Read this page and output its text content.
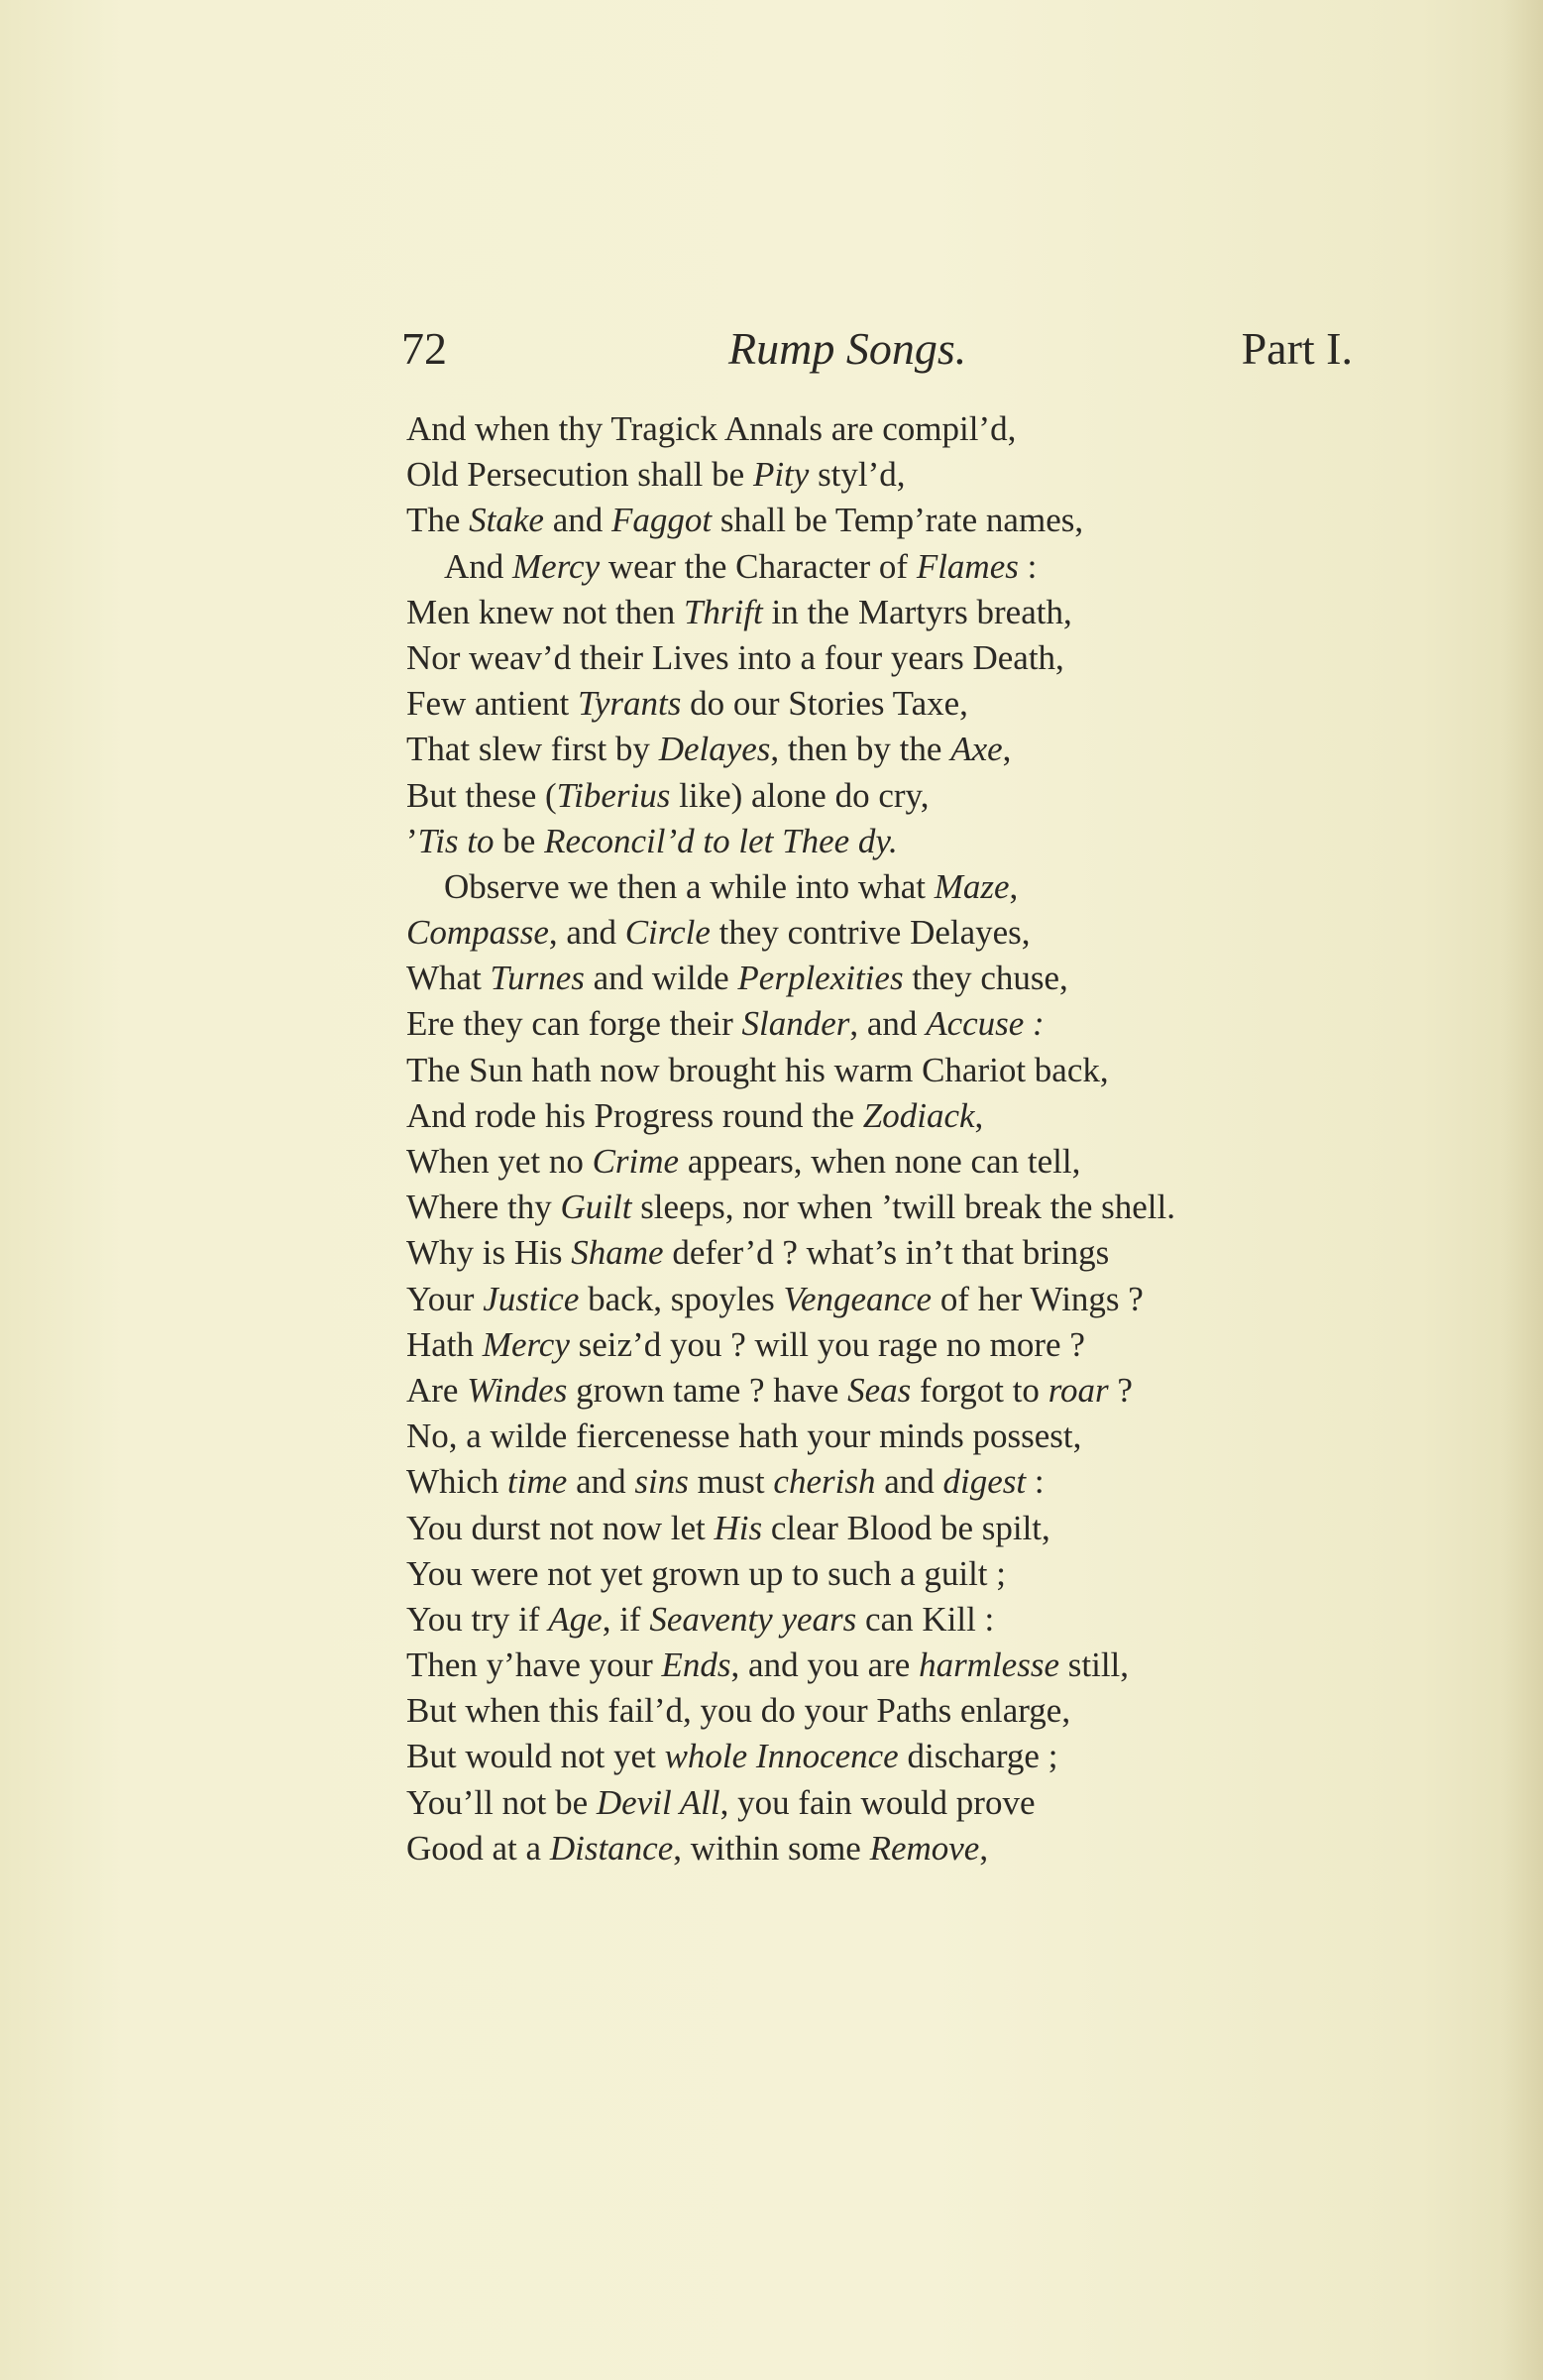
72	Rump Songs.	Part I.
And when thy Tragick Annals are compil’d,
Old Persecution shall be Pity styl’d,
The Stake and Faggot shall be Temp’rate names,
And Mercy wear the Character of Flames :
Men knew not then Thrift in the Martyrs breath,
Nor weav’d their Lives into a four years Death,
Few antient Tyrants do our Stories Taxe,
That slew first by Delayes, then by the Axe,
But these (Tiberius like) alone do cry,
’Tis to be Reconcil’d to let Thee dy.
Observe we then a while into what Maze,
Compasse, and Circle they contrive Delayes,
What Turnes and wilde Perplexities they chuse,
Ere they can forge their Slander, and Accuse :
The Sun hath now brought his warm Chariot back,
And rode his Progress round the Zodiack,
When yet no Crime appears, when none can tell,
Where thy Guilt sleeps, nor when ’twill break the shell.
Why is His Shame defer’d ? what’s in’t that brings
Your Justice back, spoyles Vengeance of her Wings ?
Hath Mercy seiz’d you ? will you rage no more ?
Are Windes grown tame ? have Seas forgot to roar ?
No, a wilde fiercenesse hath your minds possest,
Which time and sins must cherish and digest :
You durst not now let His clear Blood be spilt,
You were not yet grown up to such a guilt ;
You try if Age, if Seaventy years can Kill :
Then y’have your Ends, and you are harmlesse still,
But when this fail’d, you do your Paths enlarge,
But would not yet whole Innocence discharge ;
You’ll not be Devil All, you fain would prove
Good at a Distance, within some Remove,
